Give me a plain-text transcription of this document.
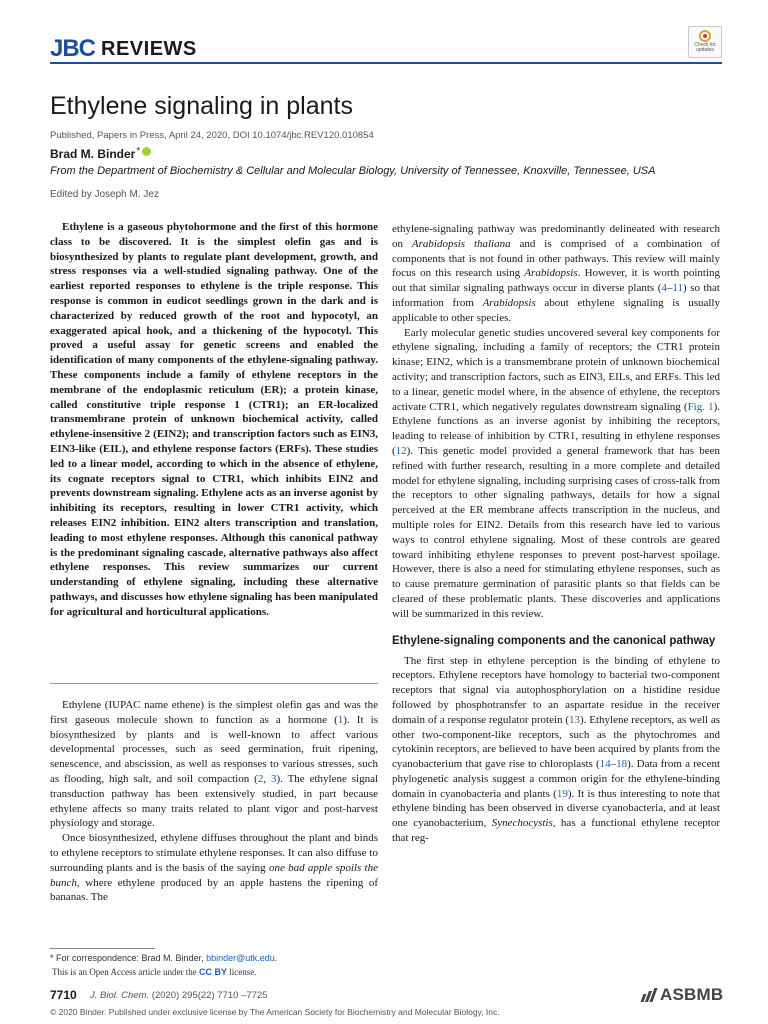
JBC REVIEWS	Check for updates
Ethylene signaling in plants
Published, Papers in Press, April 24, 2020, DOI 10.1074/jbc.REV120.010854
Brad M. Binder *
From the Department of Biochemistry & Cellular and Molecular Biology, University of Tennessee, Knoxville, Tennessee, USA
Edited by Joseph M. Jez
Ethylene is a gaseous phytohormone and the first of this hormone class to be discovered. It is the simplest olefin gas and is biosynthesized by plants to regulate plant development, growth, and stress responses via a well-studied signaling pathway. One of the earliest reported responses to ethylene is the triple response. This response is common in eudicot seedlings grown in the dark and is characterized by reduced growth of the root and hypocotyl, an exaggerated apical hook, and a thickening of the hypocotyl. This proved a useful assay for genetic screens and enabled the identification of many components of the ethylene-signaling pathway. These components include a family of ethylene receptors in the membrane of the endoplasmic reticulum (ER); a protein kinase, called constitutive triple response 1 (CTR1); an ER-localized transmembrane protein of unknown biochemical activity, called ethylene-insensitive 2 (EIN2); and transcription factors such as EIN3, EIN3-like (EIL), and ethylene response factors (ERFs). These studies led to a linear model, according to which in the absence of ethylene, its cognate receptors signal to CTR1, which inhibits EIN2 and prevents downstream signaling. Ethylene acts as an inverse agonist by inhibiting its receptors, resulting in lower CTR1 activity, which releases EIN2 inhibition. EIN2 alters transcription and translation, leading to most ethylene responses. Although this canonical pathway is the predominant signaling cascade, alternative pathways also affect ethylene responses. This review summarizes our current understanding of ethylene signaling, including these alternative pathways, and discusses how ethylene signaling has been manipulated for agricultural and horticultural applications.

Ethylene (IUPAC name ethene) is the simplest olefin gas and was the first gaseous molecule shown to function as a hormone (1). It is biosynthesized by plants and is well-known to affect various developmental processes, such as seed germination, fruit ripening, senescence, and abscission, as well as responses to various stresses, such as flooding, high salt, and soil compaction (2, 3). The ethylene signal transduction pathway has been extensively studied, in part because ethylene affects so many traits related to plant vigor and post-harvest physiology and storage.

Once biosynthesized, ethylene diffuses throughout the plant and binds to ethylene receptors to stimulate ethylene responses. It can also diffuse to surrounding plants and is the basis of the saying one bad apple spoils the bunch, where ethylene produced by an apple hastens the ripening of bananas. The

ethylene-signaling pathway was predominantly delineated with research on Arabidopsis thaliana and is comprised of a combination of components that is not found in other pathways. This review will mainly focus on this research using Arabidopsis. However, it is worth pointing out that similar signaling pathways occur in diverse plants (4–11) so that information from Arabidopsis about ethylene signaling is usually applicable to other species.

Early molecular genetic studies uncovered several key components for ethylene signaling, including a family of receptors; the CTR1 protein kinase; EIN2, which is a transmembrane protein of unknown biochemical activity; and transcription factors, such as EIN3, EILs, and ERFs. This led to a linear, genetic model where, in the absence of ethylene, the receptors activate CTR1, which negatively regulates downstream signaling (Fig. 1). Ethylene functions as an inverse agonist by inhibiting the receptors, leading to release of inhibition by CTR1, resulting in ethylene responses (12). This genetic model provided a general framework that has been refined with further research, resulting in a more complete and detailed model for ethylene signaling, including surprising cases of cross-talk from the receptors to other signaling pathways, details for how a signal perceived at the ER membrane affects transcription in the nucleus, and multiple roles for EIN2. Details from this research have led to various ways to control ethylene signaling. Most of these controls are geared toward inhibiting ethylene responses to prevent post-harvest spoilage. However, there is also a need for stimulating ethylene responses, such as to cause premature germination of parasitic plants so that fields can be cleared of these problematic plants. These discoveries and applications will be summarized in this review.

Ethylene-signaling components and the canonical pathway

The first step in ethylene perception is the binding of ethylene to receptors. Ethylene receptors have homology to bacterial two-component receptors that signal via autophosphorylation on a histidine residue followed by phosphotransfer to an aspartate residue in the receiver domain of a response regulator protein (13). Ethylene receptors, as well as other two-component-like receptors, such as the phytochromes and cytokinin receptors, are believed to have been acquired by plants from the cyanobacterium that gave rise to chloroplasts (14–18). Data from a recent phylogenetic analysis suggest a common origin for the ethylene-binding domain in cyanobacteria and plants (19). It is thus interesting to note that ethylene binding has been observed in diverse cyanobacteria, and at least one cyanobacterium, Synechocystis, has a functional ethylene receptor that reg-

* For correspondence: Brad M. Binder, bbinder@utk.edu.
This is an Open Access article under the CC BY license.
7710 J. Biol. Chem. (2020) 295(22) 7710 –7725	ASBMB
© 2020 Binder. Published under exclusive license by The American Society for Biochemistry and Molecular Biology, Inc.
